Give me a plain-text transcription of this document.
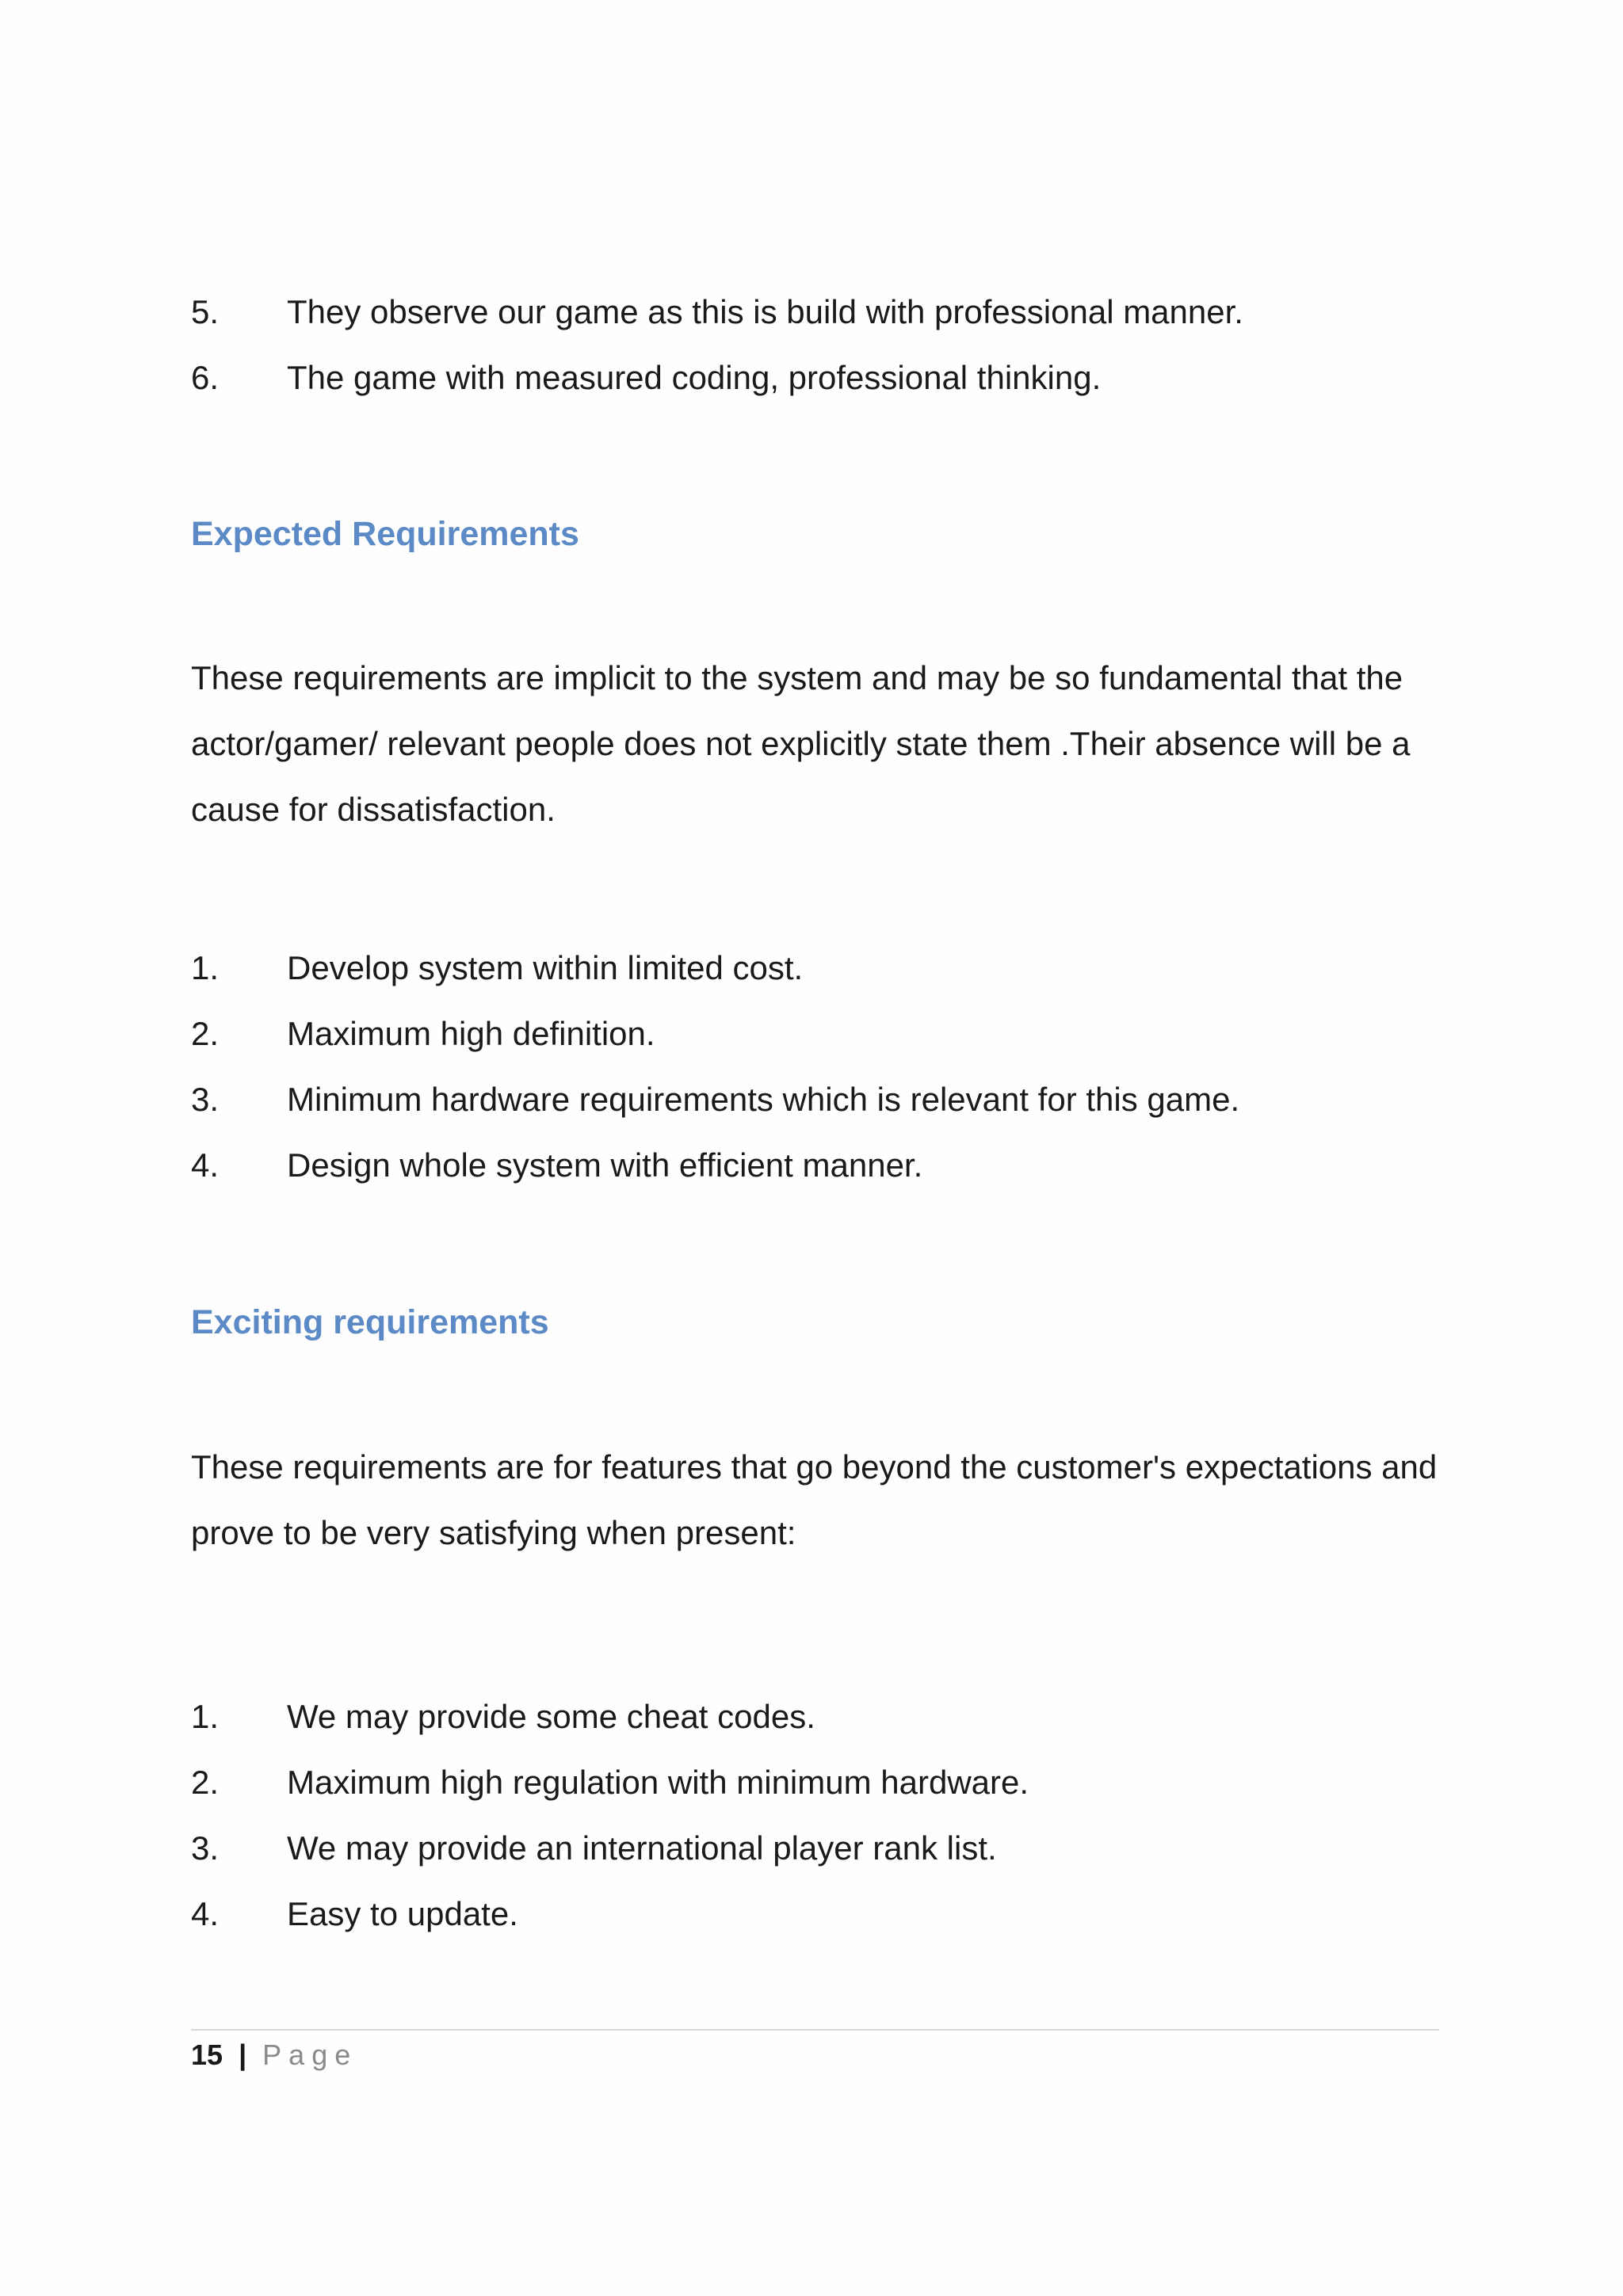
5. They observe our game as this is build with professional manner.
6. The game with measured coding, professional thinking.
Expected Requirements

These requirements are implicit to the system and may be so fundamental that the actor/gamer/ relevant people does not explicitly state them .Their absence will be a cause for dissatisfaction.

1. Develop system within limited cost.
2. Maximum high definition.
3. Minimum hardware requirements which is relevant for this game.
4. Design whole system with efficient manner.
Exciting requirements

These requirements are for features that go beyond the customer's expectations and prove to be very satisfying when present:

1. We may provide some cheat codes.
2. Maximum high regulation with minimum hardware.
3. We may provide an international player rank list.
4. Easy to update.
15 | Page
